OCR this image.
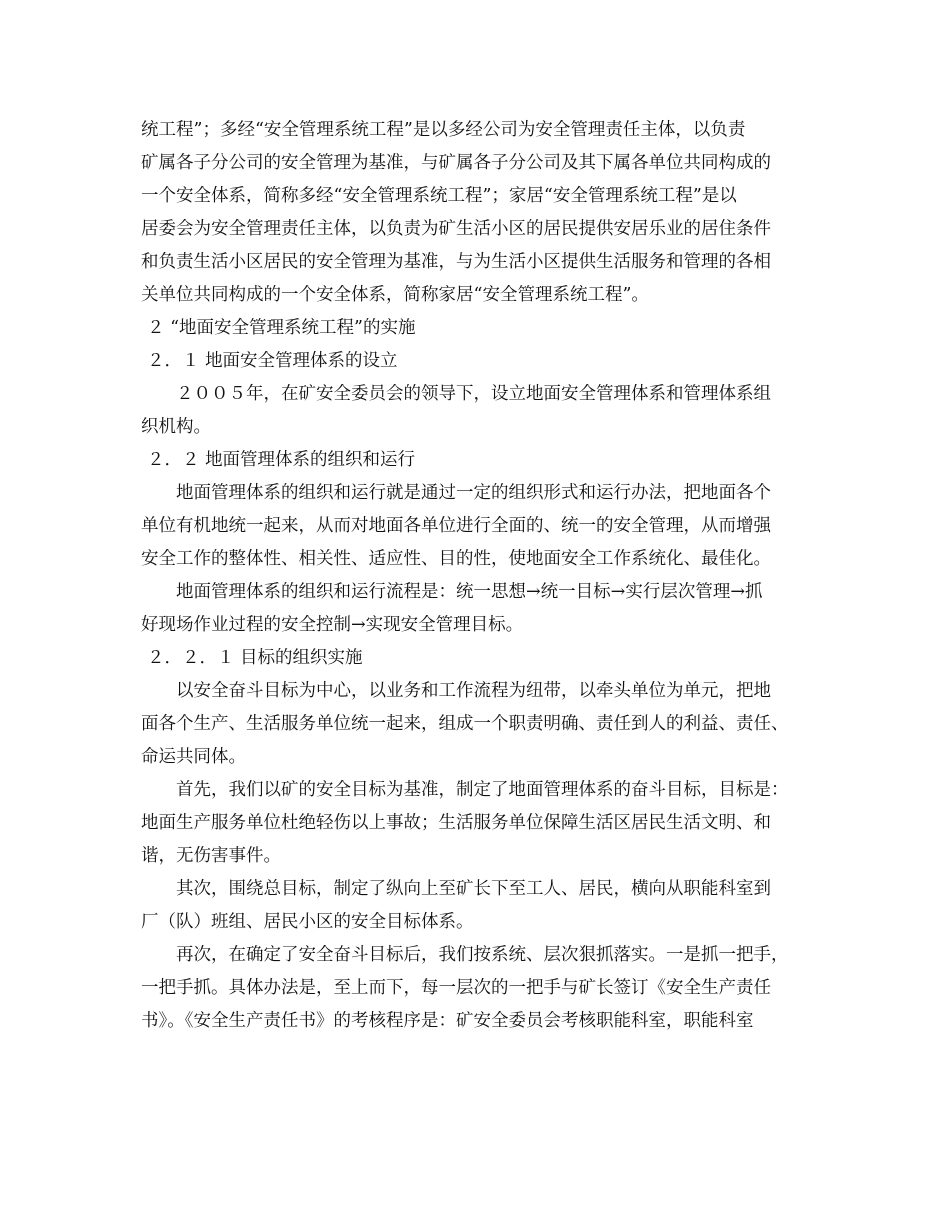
统工程”；多经“安全管理系统工程”是以多经公司为安全管理责任主体，以负责
矿属各子分公司的安全管理为基准，与矿属各子分公司及其下属各单位共同构成的
一个安全体系，简称多经“安全管理系统工程”；家居“安全管理系统工程”是以
居委会为安全管理责任主体，以负责为矿生活小区的居民提供安居乐业的居住条件
和负责生活小区居民的安全管理为基准，与为生活小区提供生活服务和管理的各相
关单位共同构成的一个安全体系，简称家居“安全管理系统工程”。
２ “地面安全管理系统工程”的实施
２．１ 地面安全管理体系的设立
２００５年，在矿安全委员会的领导下，设立地面安全管理体系和管理体系组
织机构。
２．２ 地面管理体系的组织和运行
地面管理体系的组织和运行就是通过一定的组织形式和运行办法，把地面各个
单位有机地统一起来，从而对地面各单位进行全面的、统一的安全管理，从而增强
安全工作的整体性、相关性、适应性、目的性，使地面安全工作系统化、最佳化。
地面管理体系的组织和运行流程是：统一思想→统一目标→实行层次管理→抓
好现场作业过程的安全控制→实现安全管理目标。
２．２．１ 目标的组织实施
以安全奋斗目标为中心，以业务和工作流程为纽带，以牵头单位为单元，把地
面各个生产、生活服务单位统一起来，组成一个职责明确、责任到人的利益、责任、
命运共同体。
首先，我们以矿的安全目标为基准，制定了地面管理体系的奋斗目标，目标是：
地面生产服务单位杜绝轻伤以上事故；生活服务单位保障生活区居民生活文明、和
谐，无伤害事件。
其次，围绕总目标，制定了纵向上至矿长下至工人、居民，横向从职能科室到
厂（队）班组、居民小区的安全目标体系。
再次，在确定了安全奋斗目标后，我们按系统、层次狠抓落实。一是抓一把手，
一把手抓。具体办法是，至上而下，每一层次的一把手与矿长签订《安全生产责任
书》。《安全生产责任书》的考核程序是：矿安全委员会考核职能科室，职能科室
